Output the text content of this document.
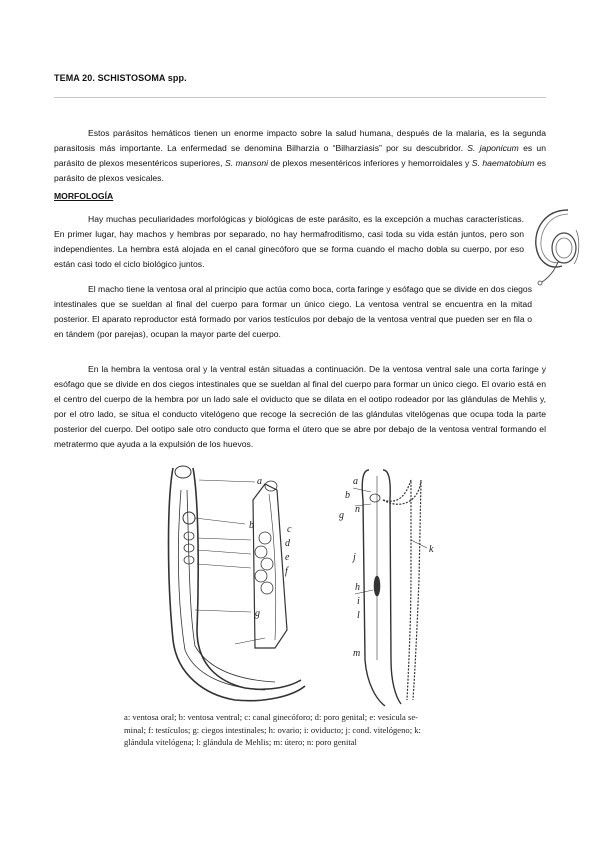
TEMA 20. SCHISTOSOMA spp.
Estos parásitos hemáticos tienen un enorme impacto sobre la salud humana, después de la malaria, es la segunda parasitosis más importante. La enfermedad se denomina Bilharzia o “Bilharziasis” por su descubridor. S. japonicum es un parásito de plexos mesentéricos superiores, S. mansoni de plexos mesentéricos inferiores y hemorroidales y S. haematobium es parásito de plexos vesicales.
MORFOLOGÍA
Hay muchas peculiaridades morfológicas y biológicas de este parásito, es la excepción a muchas características. En primer lugar, hay machos y hembras por separado, no hay hermafroditismo, casi toda su vida están juntos, pero son independientes. La hembra está alojada en el canal ginecóforo que se forma cuando el macho dobla su cuerpo, por eso están casi todo el ciclo biológico juntos.
El macho tiene la ventosa oral al principio que actúa como boca, corta faringe y esófago que se divide en dos ciegos intestinales que se sueldan al final del cuerpo para formar un único ciego. La ventosa ventral se encuentra en la mitad posterior. El aparato reproductor está formado por varios testículos por debajo de la ventosa ventral que pueden ser en fila o en tándem (por parejas), ocupan la mayor parte del cuerpo.
En la hembra la ventosa oral y la ventral están situadas a continuación. De la ventosa ventral sale una corta faringe y esófago que se divide en dos ciegos intestinales que se sueldan al final del cuerpo para formar un único ciego. El ovario está en el centro del cuerpo de la hembra por un lado sale el oviducto que se dilata en el ootipo rodeador por las glándulas de Mehlis y, por el otro lado, se situa el conducto vitelógeno que recoge la secreción de las glándulas vitelógenas que ocupa toda la parte posterior del cuerpo. Del ootipo sale otro conducto que forma el útero que se abre por debajo de la ventosa ventral formando el metratermo que ayuda a la expulsión de los huevos.
a
b	c
d
e
f
g
a
b
n
g
j
k
h
i
l
m
a: ventosa oral; b: ventosa ventral; c: canal ginecóforo; d: poro genital; e: vesícula se-
minal; f: testículos; g: ciegos intestinales; h: ovario; i: oviducto; j: cond. vitelógeno; k:
glándula vitelógena; l: glándula de Mehlis; m: útero; n: poro genital
